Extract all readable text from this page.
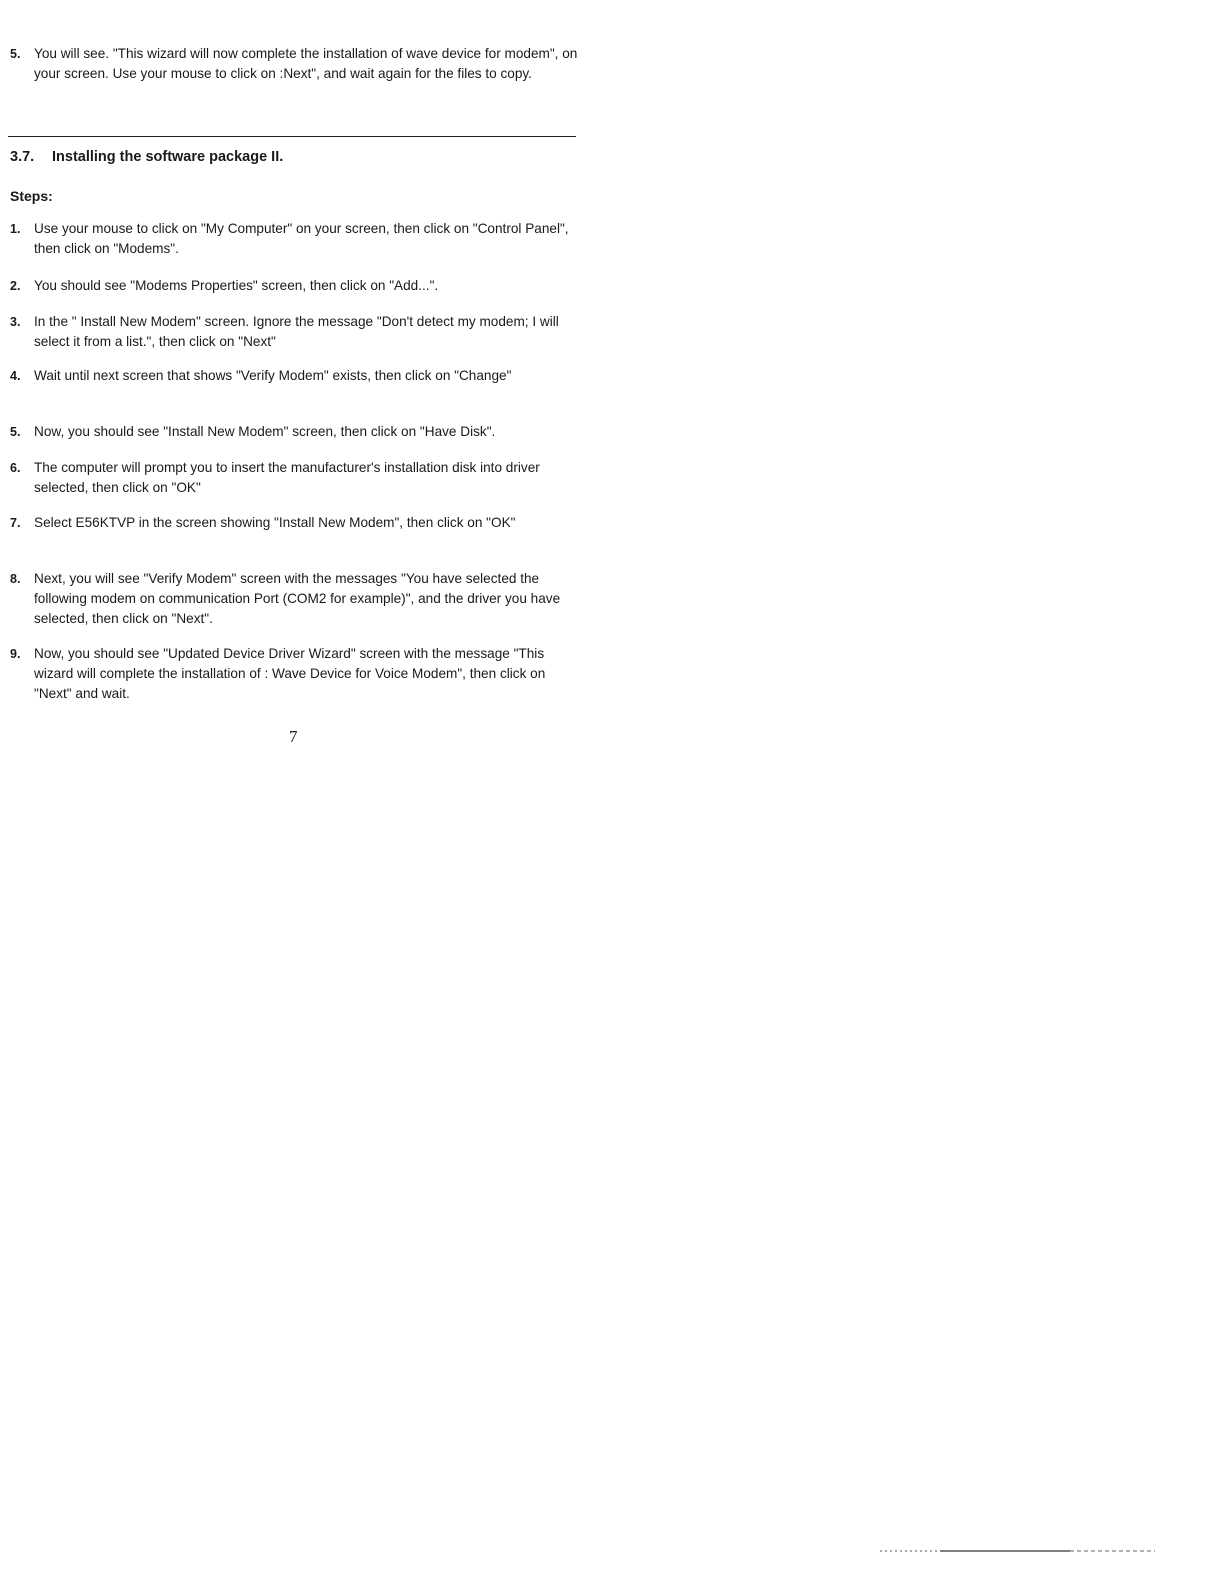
5. You will see. "This wizard will now complete the installation of wave device for modem", on your screen. Use your mouse to click on :Next", and wait again for the files to copy.
3.7. Installing the software package II.
Steps:
1. Use your mouse to click on "My Computer" on your screen, then click on "Control Panel", then click on "Modems".
2. You should see "Modems Properties" screen, then click on "Add...".
3. In the " Install New Modem" screen. Ignore the message "Don't detect my modem; I will select it from a list.", then click on "Next"
4. Wait until next screen that shows "Verify Modem" exists, then click on "Change"
5. Now, you should see "Install New Modem" screen, then click on "Have Disk".
6. The computer will prompt you to insert the manufacturer's installation disk into driver selected, then click on "OK"
7. Select E56KTVP in the screen showing "Install New Modem", then click on "OK"
8. Next, you will see "Verify Modem" screen with the messages "You have selected the following modem on communication Port (COM2 for example)", and the driver you have selected, then click on "Next".
9. Now, you should see "Updated Device Driver Wizard" screen with the message "This wizard will complete the installation of : Wave Device for Voice Modem", then click on "Next" and wait.
7
